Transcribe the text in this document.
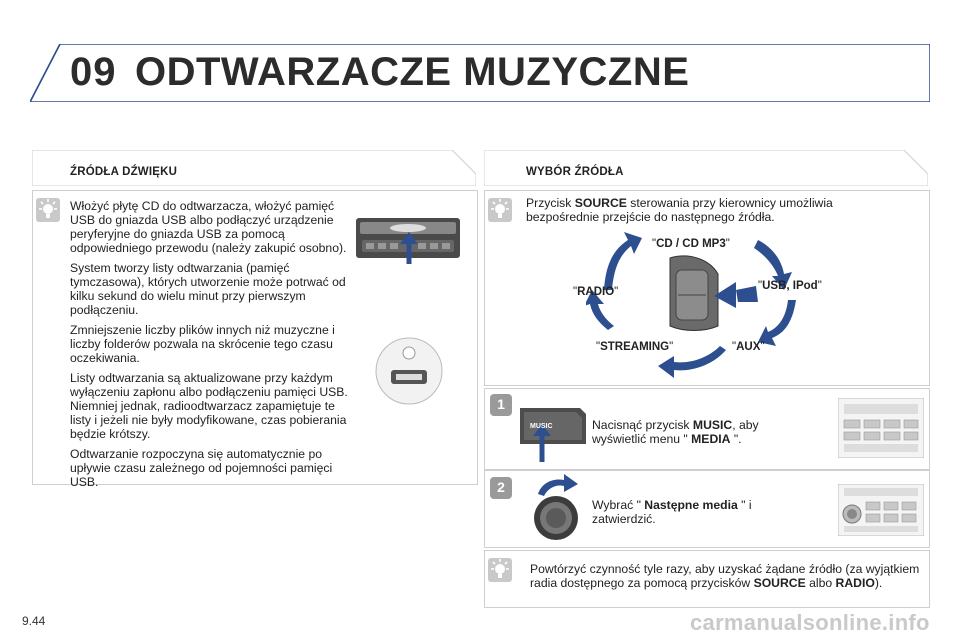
09 ODTWARZACZE MUZYCZNE
ŹRÓDŁA DŹWIĘKU

Włożyć płytę CD do odtwarzacza, włożyć pamięć USB do gniazda USB albo podłączyć urządzenie peryferyjne do gniazda USB za pomocą odpowiedniego przewodu (należy zakupić osobno).

System tworzy listy odtwarzania (pamięć tymczasowa), których utworzenie może potrwać od kilku sekund do wielu minut przy pierwszym podłączeniu.

Zmniejszenie liczby plików innych niż muzyczne i liczby folderów pozwala na skrócenie tego czasu oczekiwania.

Listy odtwarzania są aktualizowane przy każdym wyłączeniu zapłonu albo podłączeniu pamięci USB. Niemniej jednak, radioodtwarzacz zapamiętuje te listy i jeżeli nie były modyfikowane, czas pobierania będzie krótszy.

Odtwarzanie rozpoczyna się automatycznie po upływie czasu zależnego od pojemności pamięci USB.

WYBÓR ŹRÓDŁA
Przycisk SOURCE sterowania przy kierownicy umożliwia bezpośrednie przejście do następnego źródła.
"CD / CD MP3"
"USB, IPod"
"AUX"
"STREAMING"
"RADIO"
1
MUSIC	Nacisnąć przycisk MUSIC, aby wyświetlić menu " MEDIA ".
2
Wybrać " Następne media " i zatwierdzić.
Powtórzyć czynność tyle razy, aby uzyskać żądane źródło (za wyjątkiem radia dostępnego za pomocą przycisków SOURCE albo RADIO).
9.44	carmanualsonline.info
